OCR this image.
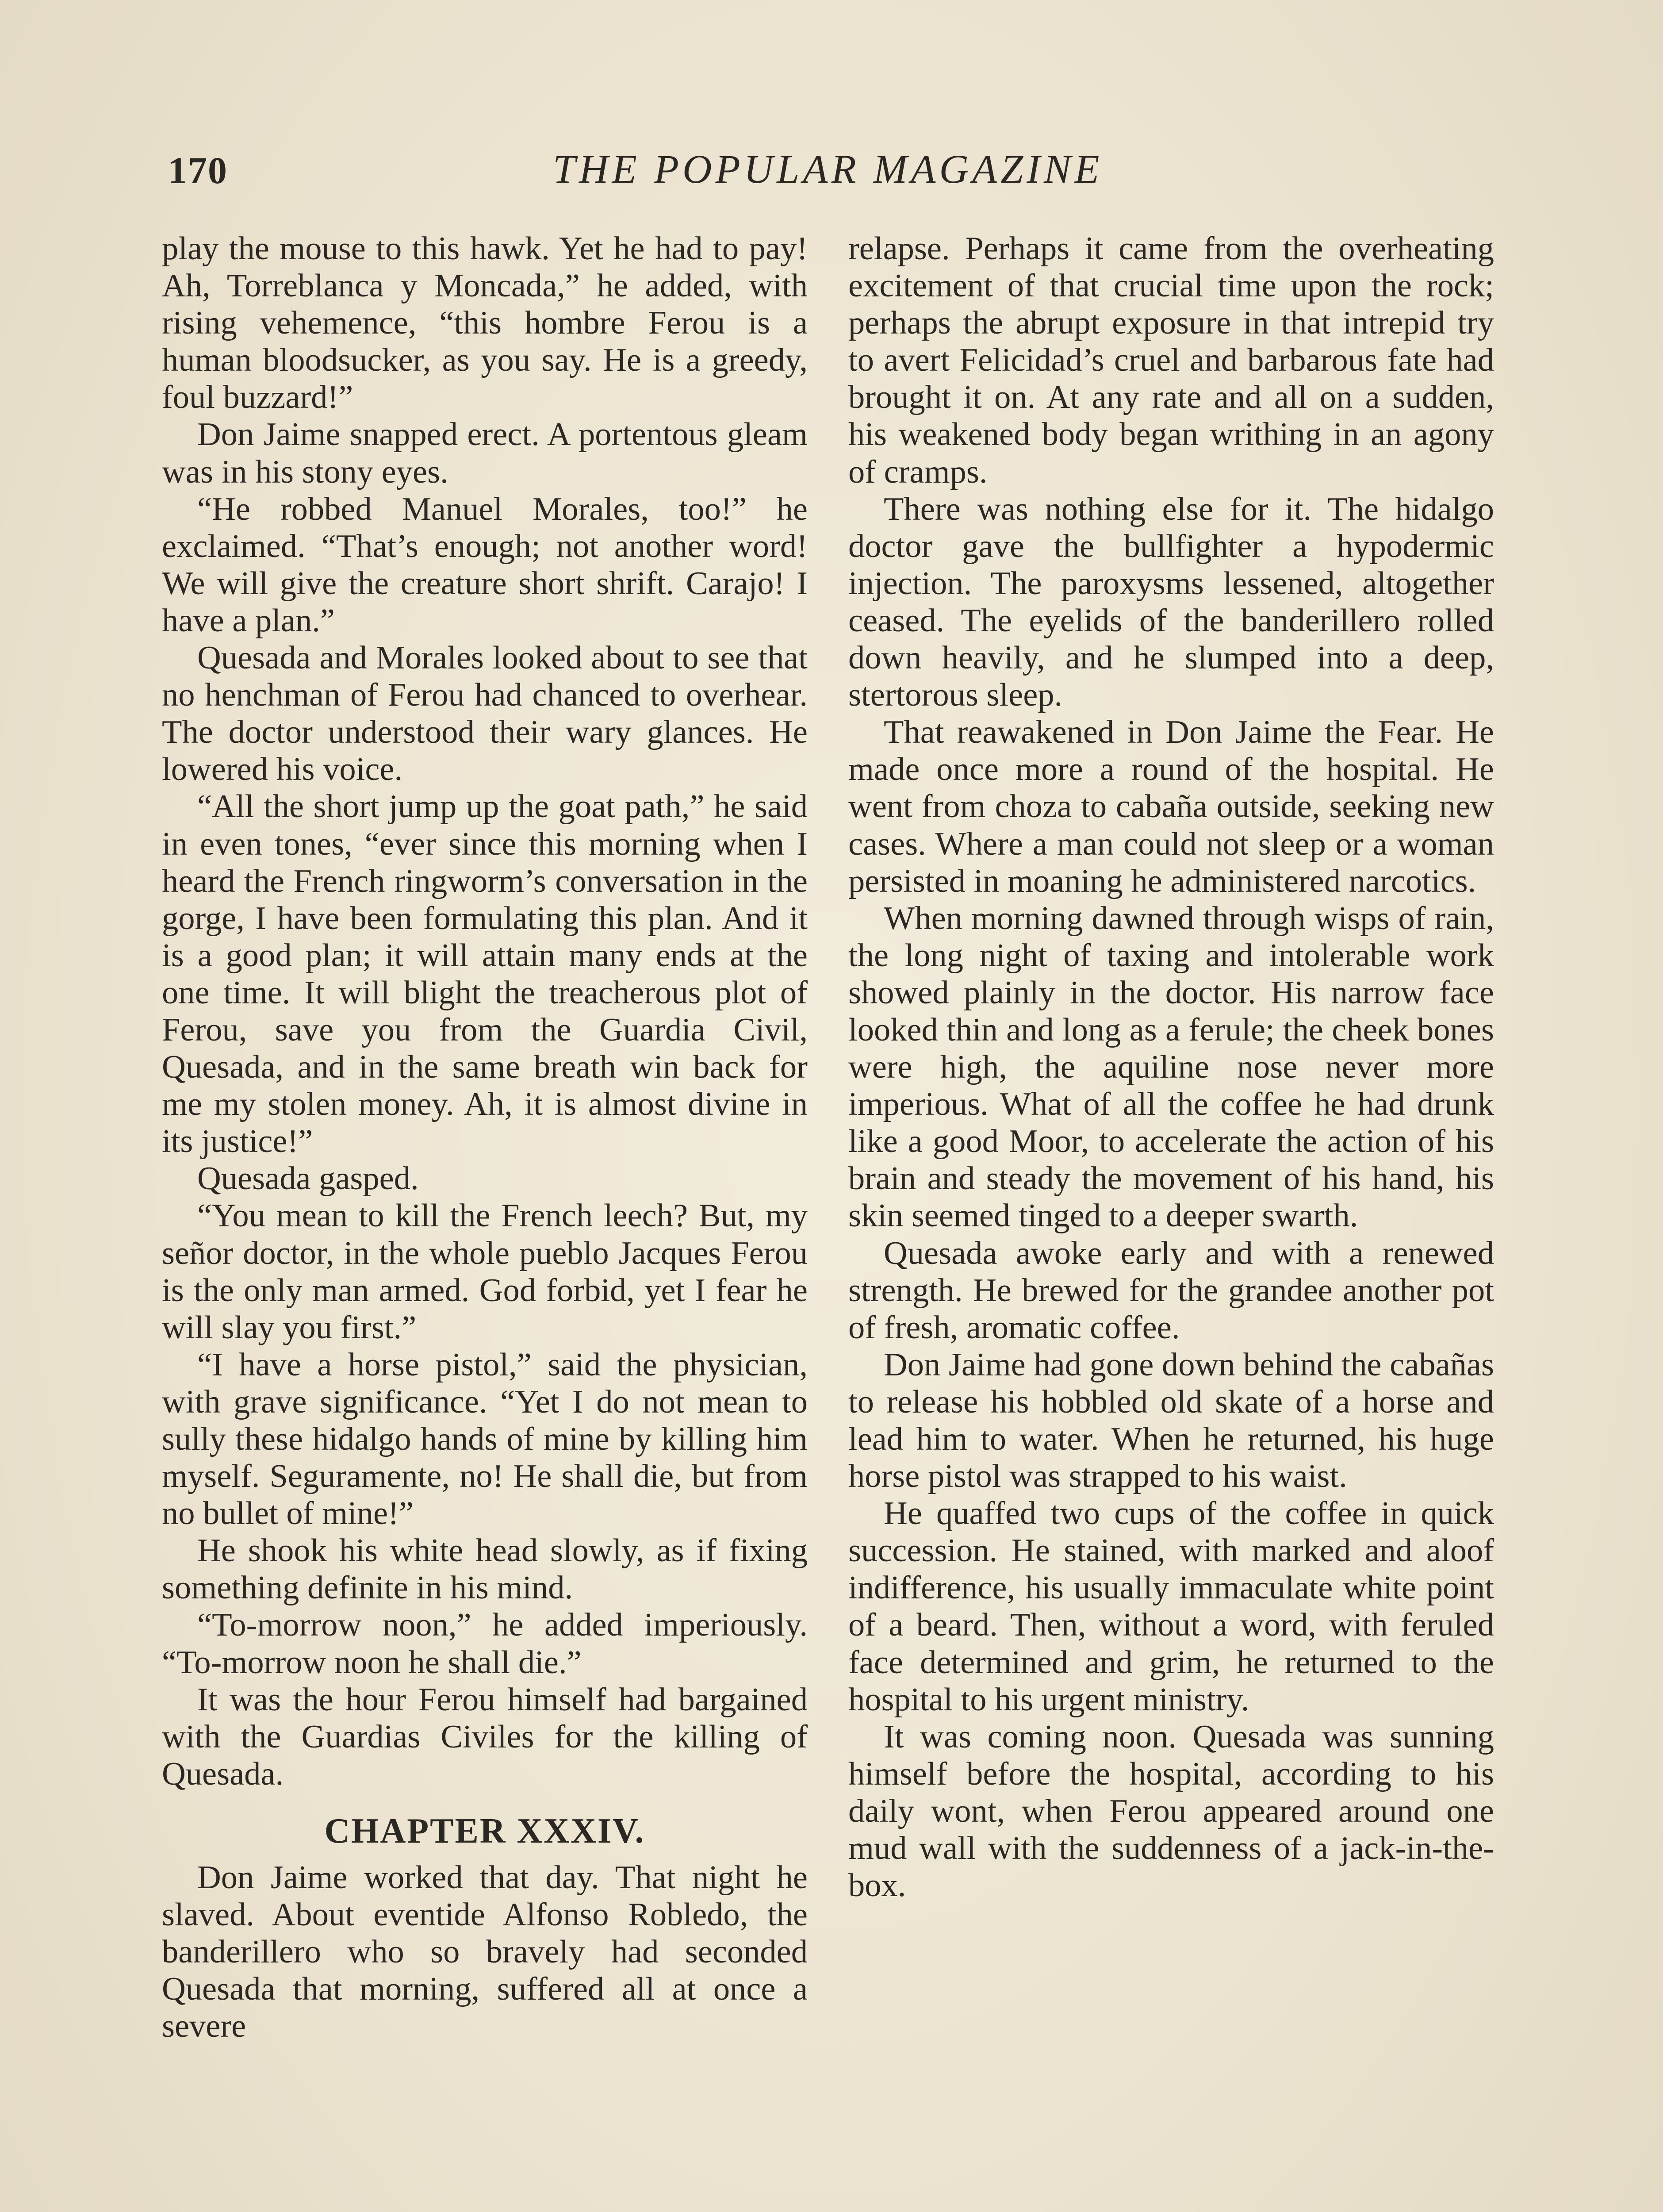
170	THE POPULAR MAGAZINE

play the mouse to this hawk. Yet he had to pay! Ah, Torreblanca y Moncada,” he added, with rising vehemence, “this hombre Ferou is a human bloodsucker, as you say. He is a greedy, foul buzzard!”

Don Jaime snapped erect. A portentous gleam was in his stony eyes.

“He robbed Manuel Morales, too!” he exclaimed. “That’s enough; not another word! We will give the creature short shrift. Carajo! I have a plan.”

Quesada and Morales looked about to see that no henchman of Ferou had chanced to overhear. The doctor understood their wary glances. He lowered his voice.

“All the short jump up the goat path,” he said in even tones, “ever since this morning when I heard the French ringworm’s conversation in the gorge, I have been formulating this plan. And it is a good plan; it will attain many ends at the one time. It will blight the treacherous plot of Ferou, save you from the Guardia Civil, Quesada, and in the same breath win back for me my stolen money. Ah, it is almost divine in its justice!”

Quesada gasped.

“You mean to kill the French leech? But, my señor doctor, in the whole pueblo Jacques Ferou is the only man armed. God forbid, yet I fear he will slay you first.”

“I have a horse pistol,” said the physician, with grave significance. “Yet I do not mean to sully these hidalgo hands of mine by killing him myself. Seguramente, no! He shall die, but from no bullet of mine!”

He shook his white head slowly, as if fixing something definite in his mind.

“To-morrow noon,” he added imperiously. “To-morrow noon he shall die.”

It was the hour Ferou himself had bargained with the Guardias Civiles for the killing of Quesada.

CHAPTER XXXIV.

Don Jaime worked that day. That night he slaved. About eventide Alfonso Robledo, the banderillero who so bravely had seconded Quesada that morning, suffered all at once a severe

relapse. Perhaps it came from the overheating excitement of that crucial time upon the rock; perhaps the abrupt exposure in that intrepid try to avert Felicidad’s cruel and barbarous fate had brought it on. At any rate and all on a sudden, his weakened body began writhing in an agony of cramps.

There was nothing else for it. The hidalgo doctor gave the bullfighter a hypodermic injection. The paroxysms lessened, altogether ceased. The eyelids of the banderillero rolled down heavily, and he slumped into a deep, stertorous sleep.

That reawakened in Don Jaime the Fear. He made once more a round of the hospital. He went from choza to cabaña outside, seeking new cases. Where a man could not sleep or a woman persisted in moaning he administered narcotics.

When morning dawned through wisps of rain, the long night of taxing and intolerable work showed plainly in the doctor. His narrow face looked thin and long as a ferule; the cheek bones were high, the aquiline nose never more imperious. What of all the coffee he had drunk like a good Moor, to accelerate the action of his brain and steady the movement of his hand, his skin seemed tinged to a deeper swarth.

Quesada awoke early and with a renewed strength. He brewed for the grandee another pot of fresh, aromatic coffee.

Don Jaime had gone down behind the cabañas to release his hobbled old skate of a horse and lead him to water. When he returned, his huge horse pistol was strapped to his waist.

He quaffed two cups of the coffee in quick succession. He stained, with marked and aloof indifference, his usually immaculate white point of a beard. Then, without a word, with feruled face determined and grim, he returned to the hospital to his urgent ministry.

It was coming noon. Quesada was sunning himself before the hospital, according to his daily wont, when Ferou appeared around one mud wall with the suddenness of a jack-in-the-box.
